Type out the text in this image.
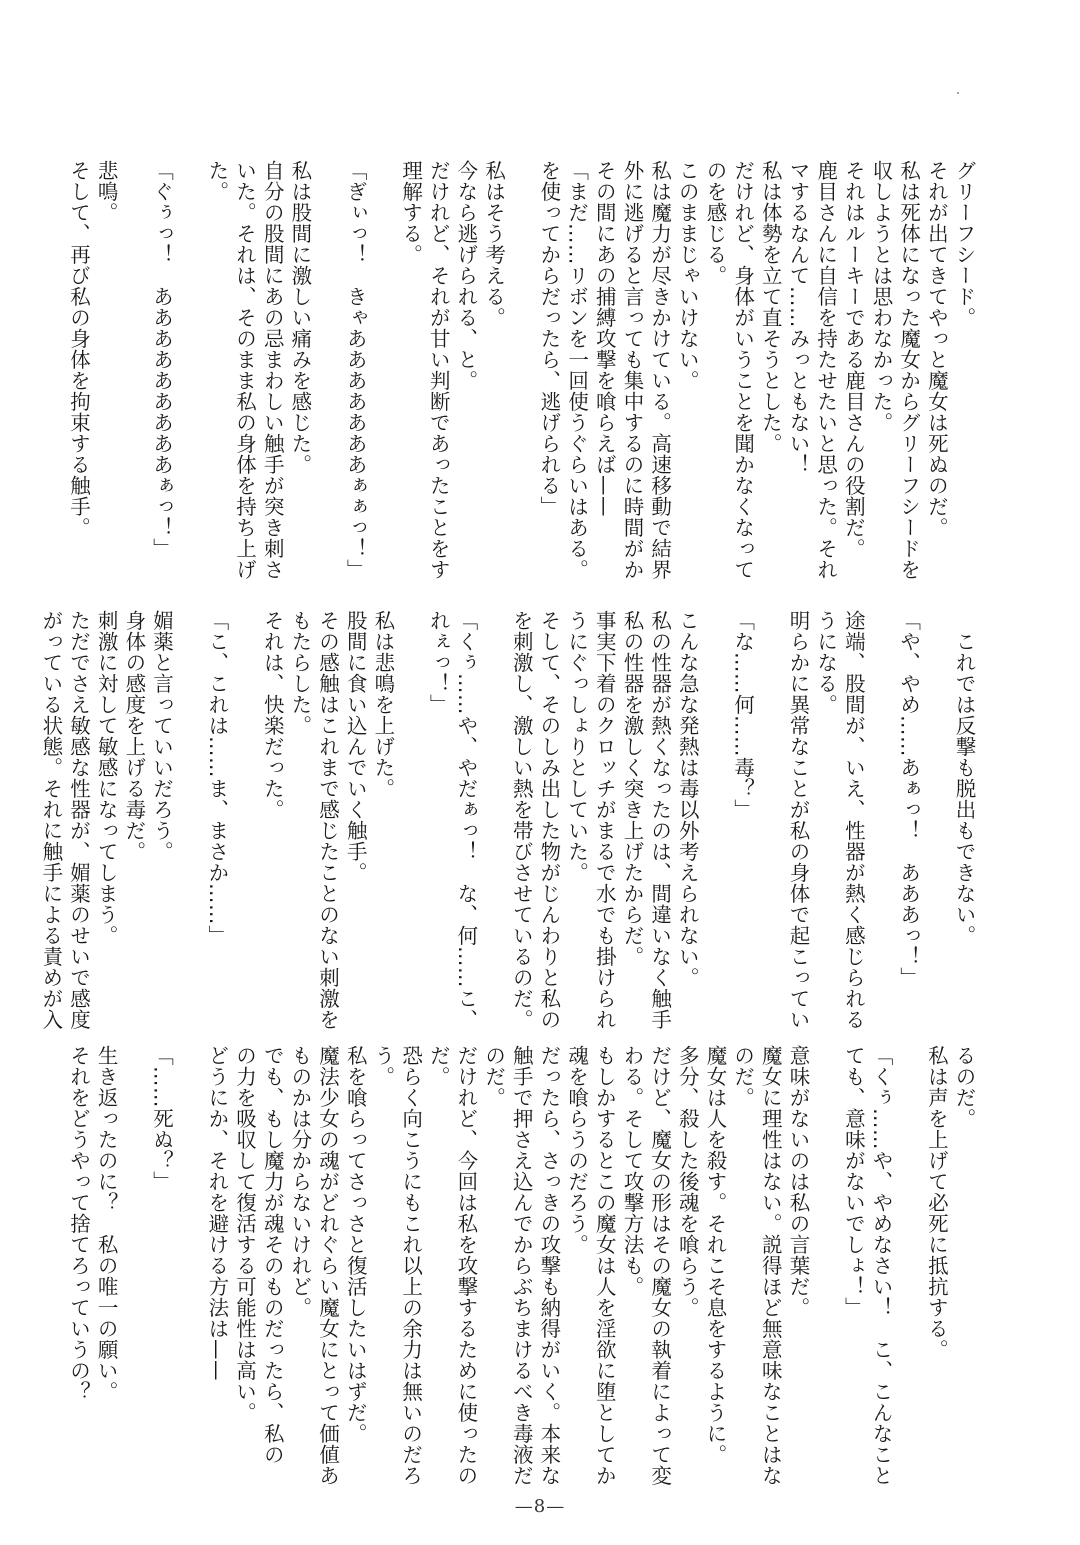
グリーフシード。
それが出てきてやっと魔女は死ぬのだ。
私は死体になった魔女からグリーフシードを
収しようとは思わなかった。
それはルーキーである鹿目さんの役割だ。
鹿目さんに自信を持たせたいと思った。それ
マするなんて……みっともない！
私は体勢を立て直そうとした。
だけれど、身体がいうことを聞かなくなって
のを感じる。
このままじゃいけない。
私は魔力が尽きかけている。高速移動で結界
外に逃げると言っても集中するのに時間がか
その間にあの捕縛攻撃を喰らえば——
「まだ……リボンを一回使うぐらいはある。
を使ってからだったら、逃げられる」
私はそう考える。
今なら逃げられる、と。
だけれど、それが甘い判断であったことをす
理解する。
「ぎぃっ！　きゃあああああああぁぁっ！」
私は股間に激しい痛みを感じた。
自分の股間にあの忌まわしい触手が突き刺さ
いた。それは、そのまま私の身体を持ち上げ
た。
「ぐぅっ！　あああああああああぁっ！」
悲鳴。
そして、再び私の身体を拘束する触手。
　これでは反撃も脱出もできない。
「や、やめ……あぁっ！　あああっ！」
途端、股間が、いえ、性器が熱く感じられる
うになる。
明らかに異常なことが私の身体で起こってい
「な……何……毒？」
こんな急な発熱は毒以外考えられない。
私の性器が熱くなったのは、間違いなく触手
私の性器を激しく突き上げたからだ。
事実下着のクロッチがまるで水でも掛けられ
うにぐっしょりとしていた。
そして、そのしみ出した物がじんわりと私の
を刺激し、激しい熱を帯びさせているのだ。
「くぅ……や、やだぁっ！　な、何……こ、
れぇっ！」
私は悲鳴を上げた。
股間に食い込んでいく触手。
その感触はこれまで感じたことのない刺激を
もたらした。
それは、快楽だった。
「こ、これは……ま、まさか……」
媚薬と言っていいだろう。
身体の感度を上げる毒だ。
刺激に対して敏感になってしまう。
ただでさえ敏感な性器が、媚薬のせいで感度
がっている状態。それに触手による責めが入
るのだ。
私は声を上げて必死に抵抗する。
「くぅ……や、やめなさい！　こ、こんなこと
ても、意味がないでしょ！」
意味がないのは私の言葉だ。
魔女に理性はない。説得ほど無意味なことはな
のだ。
魔女は人を殺す。それこそ息をするように。
多分、殺した後魂を喰らう。
だけど、魔女の形はその魔女の執着によって変
わる。そして攻撃方法も。
もしかするとこの魔女は人を淫欲に堕としてか
魂を喰らうのだろう。
だったら、さっきの攻撃も納得がいく。本来な
触手で押さえ込んでからぶちまけるべき毒液だ
のだ。
だけれど、今回は私を攻撃するために使ったの
だ。
恐らく向こうにもこれ以上の余力は無いのだろ
う。
私を喰らってさっさと復活したいはずだ。
魔法少女の魂がどれぐらい魔女にとって価値あ
ものかは分からないけれど。
でも、もし魔力が魂そのものだったら、私の
の力を吸収して復活する可能性は高い。
どうにか、それを避ける方法は——
「……死ぬ？」
生き返ったのに？　私の唯一の願い。
それをどうやって捨てろっていうの？
—8—
